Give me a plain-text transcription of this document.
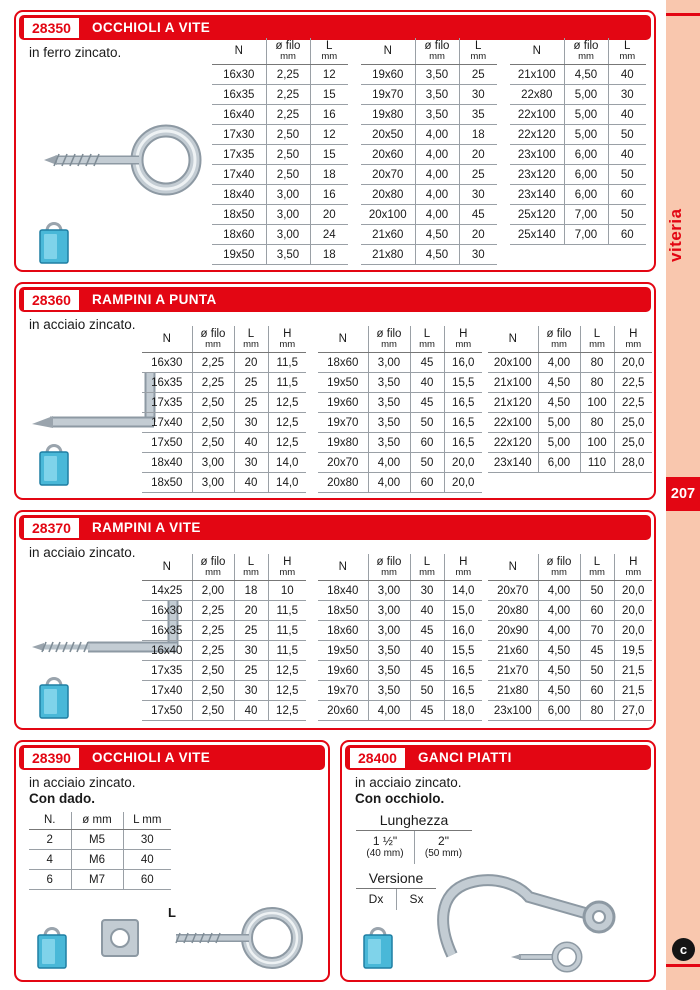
28350	OCCHIOLI A VITE
in ferro zincato.	N	ø filo
mm

L
mm

16x30	2,25	12
16x35	2,25	15
16x40	2,25	16
17x30	2,50	12
17x35	2,50	15
17x40	2,50	18
18x40	3,00	16
18x50	3,00	20
18x60	3,00	24
19x50	3,50	18
N	ø filo
mm

L
mm

19x60	3,50	25
19x70	3,50	30
19x80	3,50	35
20x50	4,00	18
20x60	4,00	20
20x70	4,00	25
20x80	4,00	30
20x100	4,00	45
21x60	4,50	20
21x80	4,50	30
N	ø filo
mm

L
mm

21x100	4,50	40
22x80	5,00	30
22x100	5,00	40
22x120	5,00	50
23x100	6,00	40
23x120	6,00	50
23x140	6,00	60
25x120	7,00	50
25x140	7,00	60
28360	RAMPINI A PUNTA
in acciaio zincato.
N	ø filo
mm

L
mm

H
mm

16x30	2,25	20	11,5
16x35	2,25	25	11,5
17x35	2,50	25	12,5
17x40	2,50	30	12,5
17x50	2,50	40	12,5
18x40	3,00	30	14,0
18x50	3,00	40	14,0
N	ø filo
mm

L
mm

H
mm

18x60	3,00	45	16,0
19x50	3,50	40	15,5
19x60	3,50	45	16,5
19x70	3,50	50	16,5
19x80	3,50	60	16,5
20x70	4,00	50	20,0
20x80	4,00	60	20,0
N	ø filo
mm

L
mm

H
mm

20x100	4,00	80	20,0
21x100	4,50	80	22,5
21x120	4,50	100	22,5
22x100	5,00	80	25,0
22x120	5,00	100	25,0
23x140	6,00	110	28,0
28370	RAMPINI A VITE
in acciaio zincato.
N	ø filo
mm

L
mm

H
mm

14x25	2,00	18	10
16x30	2,25	20	11,5
16x35	2,25	25	11,5
16x40	2,25	30	11,5
17x35	2,50	25	12,5
17x40	2,50	30	12,5
17x50	2,50	40	12,5
N	ø filo
mm

L
mm

H
mm

18x40	3,00	30	14,0
18x50	3,00	40	15,0
18x60	3,00	45	16,0
19x50	3,50	40	15,5
19x60	3,50	45	16,5
19x70	3,50	50	16,5
20x60	4,00	45	18,0
N	ø filo
mm

L
mm

H
mm

20x70	4,00	50	20,0
20x80	4,00	60	20,0
20x90	4,00	70	20,0
21x60	4,50	45	19,5
21x70	4,50	50	21,5
21x80	4,50	60	21,5
23x100	6,00	80	27,0
28390	OCCHIOLI A VITE
in acciaio zincato.
Con dado.
N.	ø mm	L mm

2	M5	30
4	M6	40
6	M7	60
L
28400	GANCI PIATTI
in acciaio zincato.
Con occhiolo.
Lunghezza
1 ½"
(40 mm)
2"
(50 mm)
Versione
Dx	Sx
viteria
207
c
